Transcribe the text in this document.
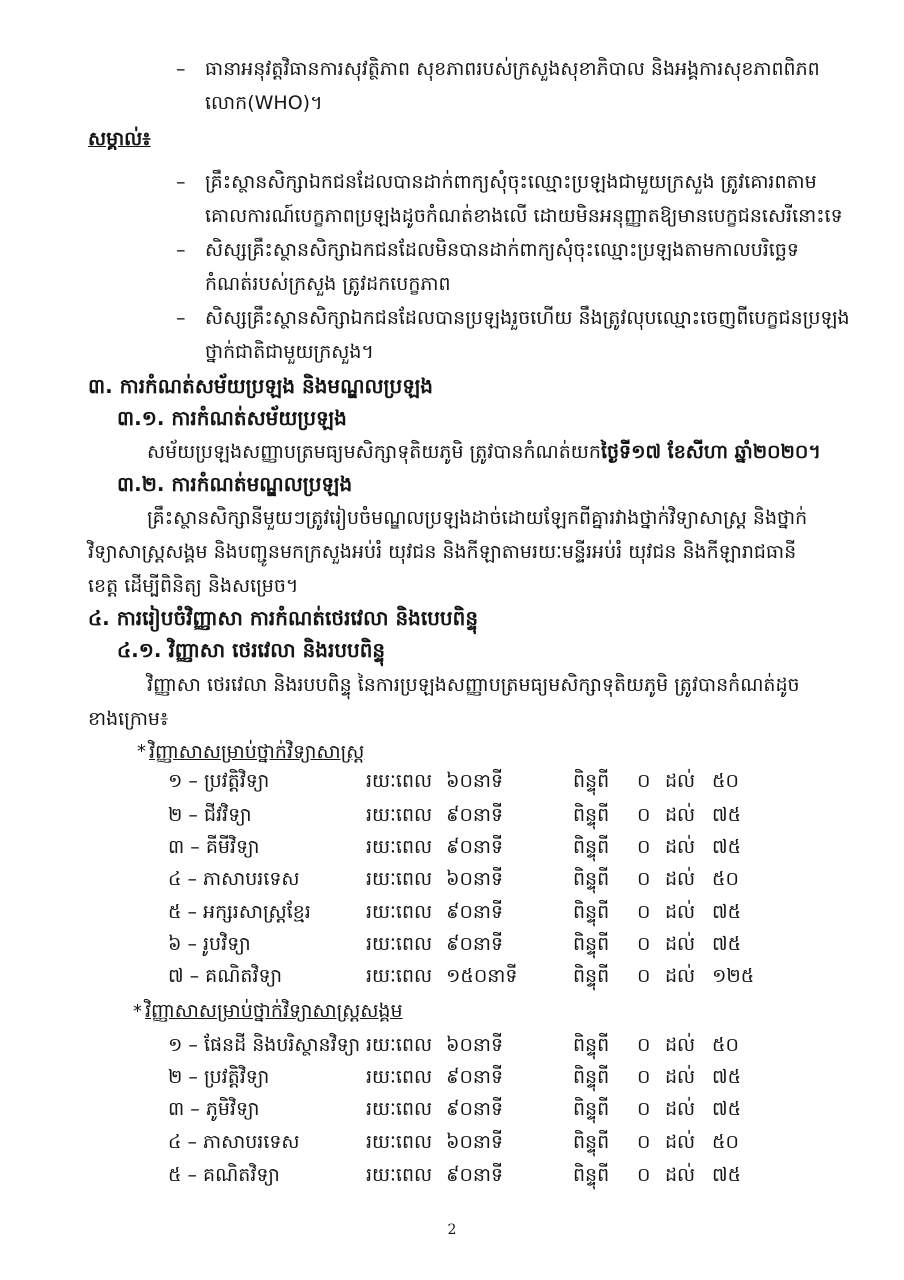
– ធានាអនុវត្តវិធានការសុវត្ថិភាព សុខភាពរបស់ក្រសួងសុខាភិបាល និងអង្គការសុខភាពពិភព
លោក(WHO)។
សម្គាល់៖
– គ្រឹះស្ថានសិក្សាឯកជនដែលបានដាក់ពាក្យសុំចុះឈ្មោះប្រឡងជាមួយក្រសួង ត្រូវគោរពតាម
គោលការណ៍បេក្ខភាពប្រឡងដូចកំណត់ខាងលើ ដោយមិនអនុញ្ញាតឱ្យមានបេក្ខជនសេរីនោះទេ
– សិស្សគ្រឹះស្ថានសិក្សាឯកជនដែលមិនបានដាក់ពាក្យសុំចុះឈ្មោះប្រឡងតាមកាលបរិច្ឆេទ
កំណត់របស់ក្រសួង ត្រូវដកបេក្ខភាព
– សិស្សគ្រឹះស្ថានសិក្សាឯកជនដែលបានប្រឡងរួចហើយ នឹងត្រូវលុបឈ្មោះចេញពីបេក្ខជនប្រឡង
ថ្នាក់ជាតិជាមួយក្រសួង។
៣. ការកំណត់សម័យប្រឡង និងមណ្ឌលប្រឡង
៣.១. ការកំណត់សម័យប្រឡង
សម័យប្រឡងសញ្ញាបត្រមធ្យមសិក្សាទុតិយភូមិ ត្រូវបានកំណត់យកថ្ងៃទី១៧ ខែសីហា ឆ្នាំ២០២០។
៣.២. ការកំណត់មណ្ឌលប្រឡង
គ្រឹះស្ថានសិក្សានីមួយៗត្រូវរៀបចំមណ្ឌលប្រឡងដាច់ដោយឡែកពីគ្នារវាងថ្នាក់វិទ្យាសាស្ត្រ និងថ្នាក់
វិទ្យាសាស្ត្រសង្គម និងបញ្ជូនមកក្រសួងអប់រំ យុវជន និងកីឡាតាមរយៈមន្ទីរអប់រំ យុវជន និងកីឡារាជធានី
ខេត្ត ដើម្បីពិនិត្យ និងសម្រេច។
៤. ការរៀបចំវិញ្ញាសា ការកំណត់ថេរវេលា និងបេបពិន្ទុ
៤.១. វិញ្ញាសា ថេរវេលា និងរបបពិន្ទុ
វិញ្ញាសា ថេរវេលា និងរបបពិន្ទុ នៃការប្រឡងសញ្ញាបត្រមធ្យមសិក្សាទុតិយភូមិ ត្រូវបានកំណត់ដូច
ខាងក្រោម៖
* វិញ្ញាសាសម្រាប់ថ្នាក់វិទ្យាសាស្ត្រ
១ – ប្រវត្តិវិទ្យា	រយៈពេល ៦០នាទី	ពិន្ទុពី ០ ដល់ ៥០
២ – ជីវវិទ្យា	រយៈពេល ៩០នាទី	ពិន្ទុពី ០ ដល់ ៧៥
៣ – គីមីវិទ្យា	រយៈពេល ៩០នាទី	ពិន្ទុពី ០ ដល់ ៧៥
៤ – ភាសាបរទេស	រយៈពេល ៦០នាទី	ពិន្ទុពី ០ ដល់ ៥០
៥ – អក្សរសាស្ត្រខ្មែរ	រយៈពេល ៩០នាទី	ពិន្ទុពី ០ ដល់ ៧៥
៦ – រូបវិទ្យា	រយៈពេល ៩០នាទី	ពិន្ទុពី ០ ដល់ ៧៥
៧ – គណិតវិទ្យា	រយៈពេល ១៥០នាទី	ពិន្ទុពី ០ ដល់ ១២៥
* វិញ្ញាសាសម្រាប់ថ្នាក់វិទ្យាសាស្ត្រសង្គម
១ – ផែនដី និងបរិស្ថានវិទ្យា រយៈពេល ៦០នាទី	ពិន្ទុពី ០ ដល់ ៥០
២ – ប្រវត្តិវិទ្យា	រយៈពេល ៩០នាទី	ពិន្ទុពី ០ ដល់ ៧៥
៣ – ភូមិវិទ្យា	រយៈពេល ៩០នាទី	ពិន្ទុពី ០ ដល់ ៧៥
៤ – ភាសាបរទេស	រយៈពេល ៦០នាទី	ពិន្ទុពី ០ ដល់ ៥០
៥ – គណិតវិទ្យា	រយៈពេល ៩០នាទី	ពិន្ទុពី ០ ដល់ ៧៥
2
